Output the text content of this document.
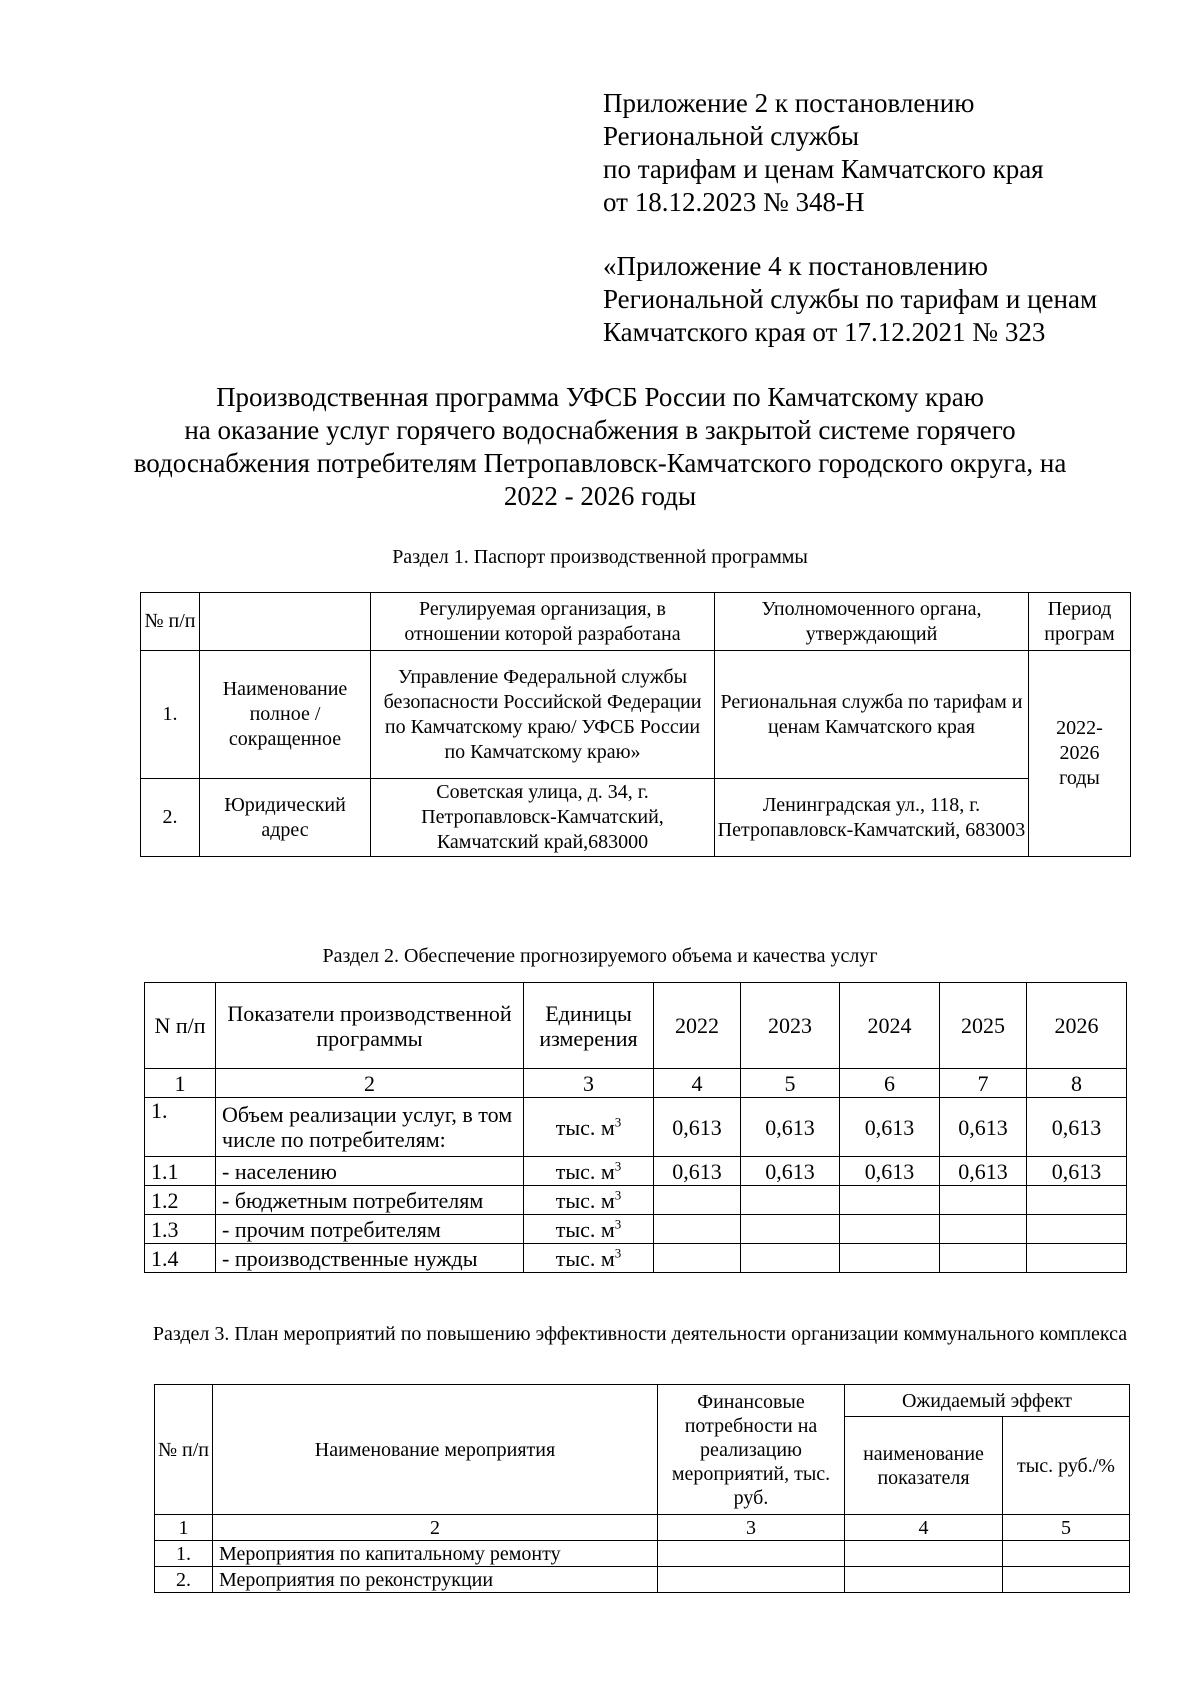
Приложение 2 к постановлению
Региональной службы
по тарифам и ценам Камчатского края
от 18.12.2023 № 348-Н
«Приложение 4 к постановлению
Региональной службы по тарифам и ценам
Камчатского края от 17.12.2021 № 323
Производственная программа УФСБ России по Камчатскому краю
на оказание услуг горячего водоснабжения в закрытой системе горячего
водоснабжения потребителям Петропавловск-Камчатского городского округа, на
2022 - 2026 годы
Раздел 1. Паспорт производственной программы
№ п/п		Регулируемая организация, в отношении которой разработана	Уполномоченного органа, утверждающий	Период програм
1.	Наименование полное / сокращенное	Управление Федеральной службы безопасности Российской Федерации по Камчатскому краю/ УФСБ России по Камчатскому краю»	Региональная служба по тарифам и ценам Камчатского края	2022-2026 годы
2.	Юридический адрес	Советская улица, д. 34, г. Петропавловск-Камчатский, Камчатский край,683000	Ленинградская ул., 118, г. Петропавловск-Камчатский, 683003	
Раздел 2. Обеспечение прогнозируемого объема и качества услуг
N п/п	Показатели производственной программы	Единицы измерения	2022	2023	2024	2025	2026
1	2	3	4	5	6	7	8
1.	Объем реализации услуг, в том числе по потребителям:	тыс. $м^3$	0,613	0,613	0,613	0,613	0,613
1.1	- населению	тыс. $м^3$	0,613	0,613	0,613	0,613	0,613
1.2	- бюджетным потребителям	тыс. $м^3$					
1.3	- прочим потребителям	тыс. $м^3$					
1.4	- производственные нужды	тыс. $м^3$					
Раздел 3. План мероприятий по повышению эффективности деятельности организации коммунального комплекса
№ п/п	Наименование мероприятия	Финансовые потребности на реализацию мероприятий, тыс. руб.	Ожидаемый эффект	
			наименование показателя	тыс. руб./%
1	2	3	4	5
1.	Мероприятия по капитальному ремонту			
2.	Мероприятия по реконструкции			
